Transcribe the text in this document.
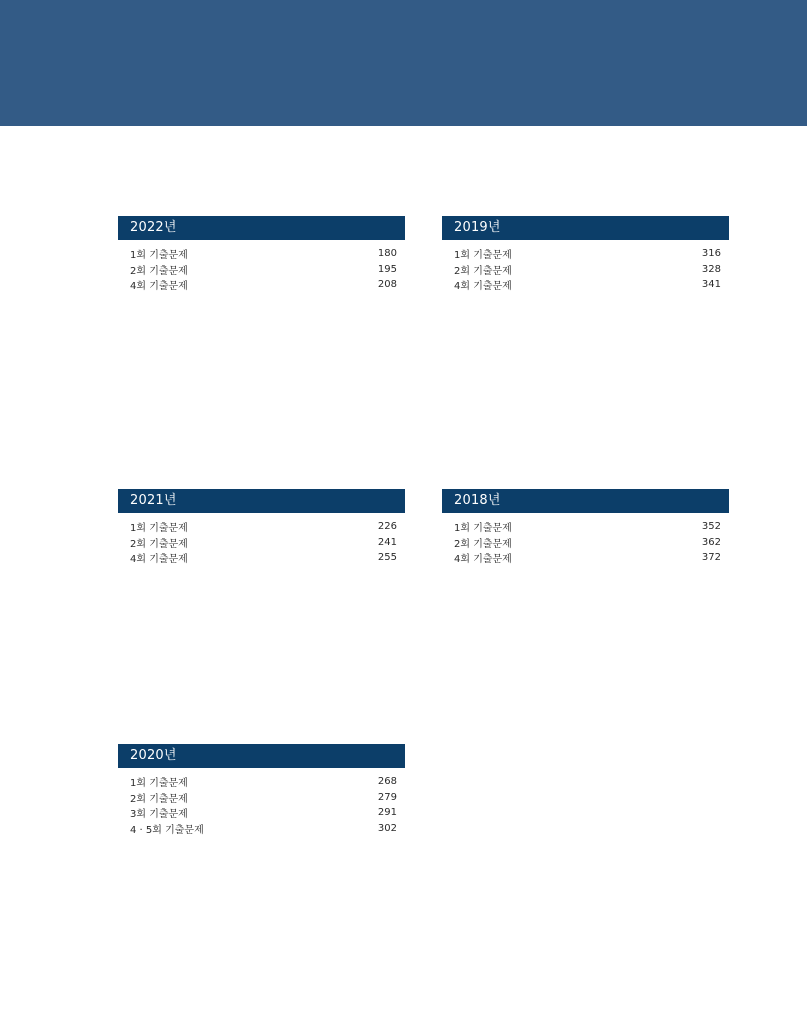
2022년
1회 기출문제	180
2회 기출문제	195
4회 기출문제	208
2019년
1회 기출문제	316
2회 기출문제	328
4회 기출문제	341
2021년
1회 기출문제	226
2회 기출문제	241
4회 기출문제	255
2018년
1회 기출문제	352
2회 기출문제	362
4회 기출문제	372
2020년
1회 기출문제	268
2회 기출문제	279
3회 기출문제	291
4 · 5회 기출문제	302
